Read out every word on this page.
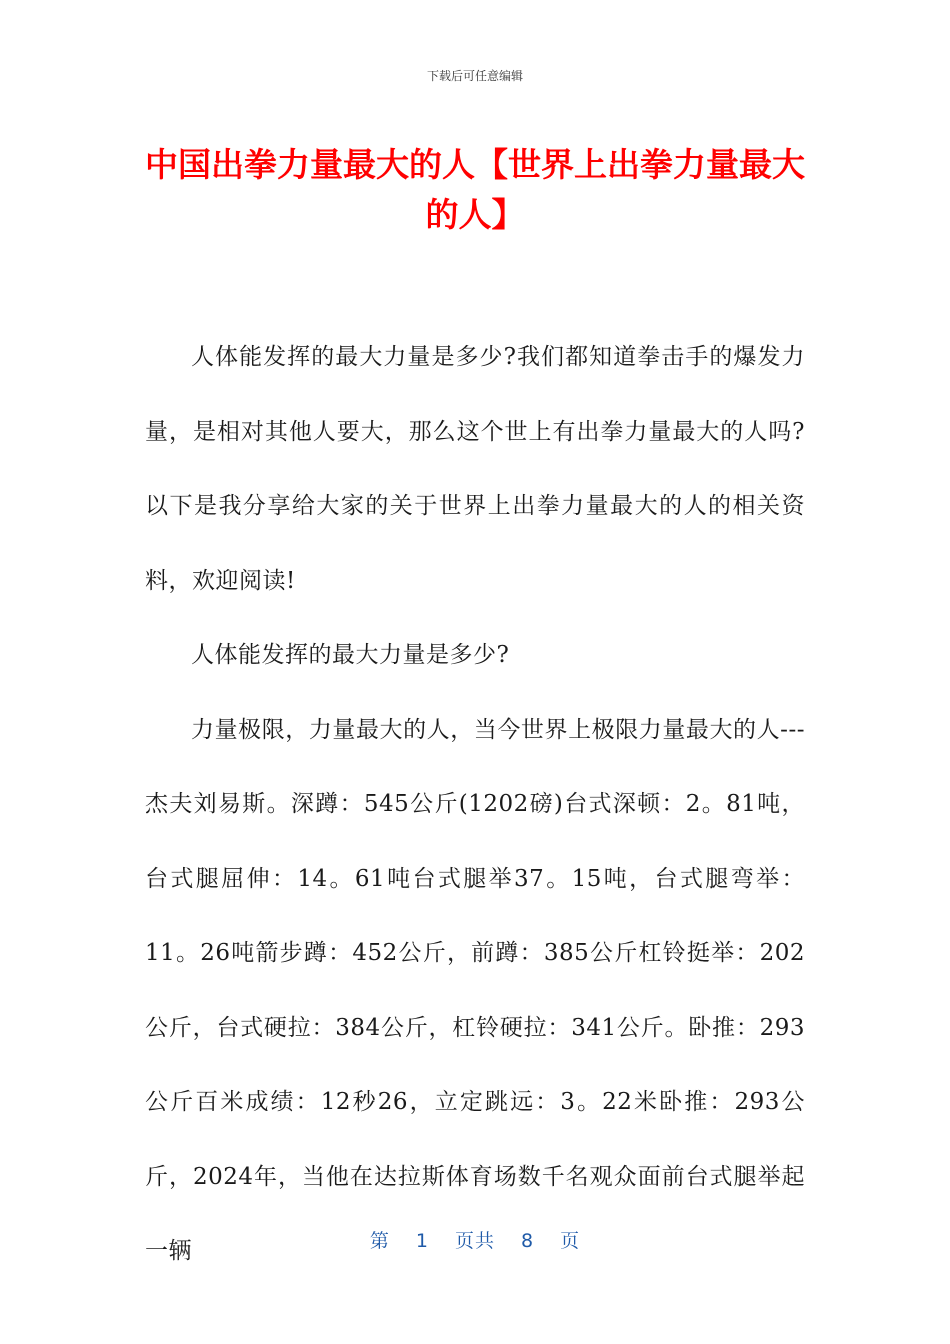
下载后可任意编辑
中国出拳力量最大的人【世界上出拳力量最大的人】

人体能发挥的最大力量是多少?我们都知道拳击手的爆发力量，是相对其他人要大，那么这个世上有出拳力量最大的人吗?以下是我分享给大家的关于世界上出拳力量最大的人的相关资料，欢迎阅读!

人体能发挥的最大力量是多少?

力量极限，力量最大的人，当今世界上极限力量最大的人---杰夫刘易斯。深蹲：545公斤(1202磅)台式深顿：2。81吨，台式腿屈伸：14。61吨台式腿举37。15吨，台式腿弯举：11。26吨箭步蹲：452公斤，前蹲：385公斤杠铃挺举：202公斤，台式硬拉：384公斤，杠铃硬拉：341公斤。卧推：293公斤百米成绩：12秒26，立定跳远：3。22米卧推：293公斤，2024年，当他在达拉斯体育场数千名观众面前台式腿举起一辆	第 1 页共 8 页
